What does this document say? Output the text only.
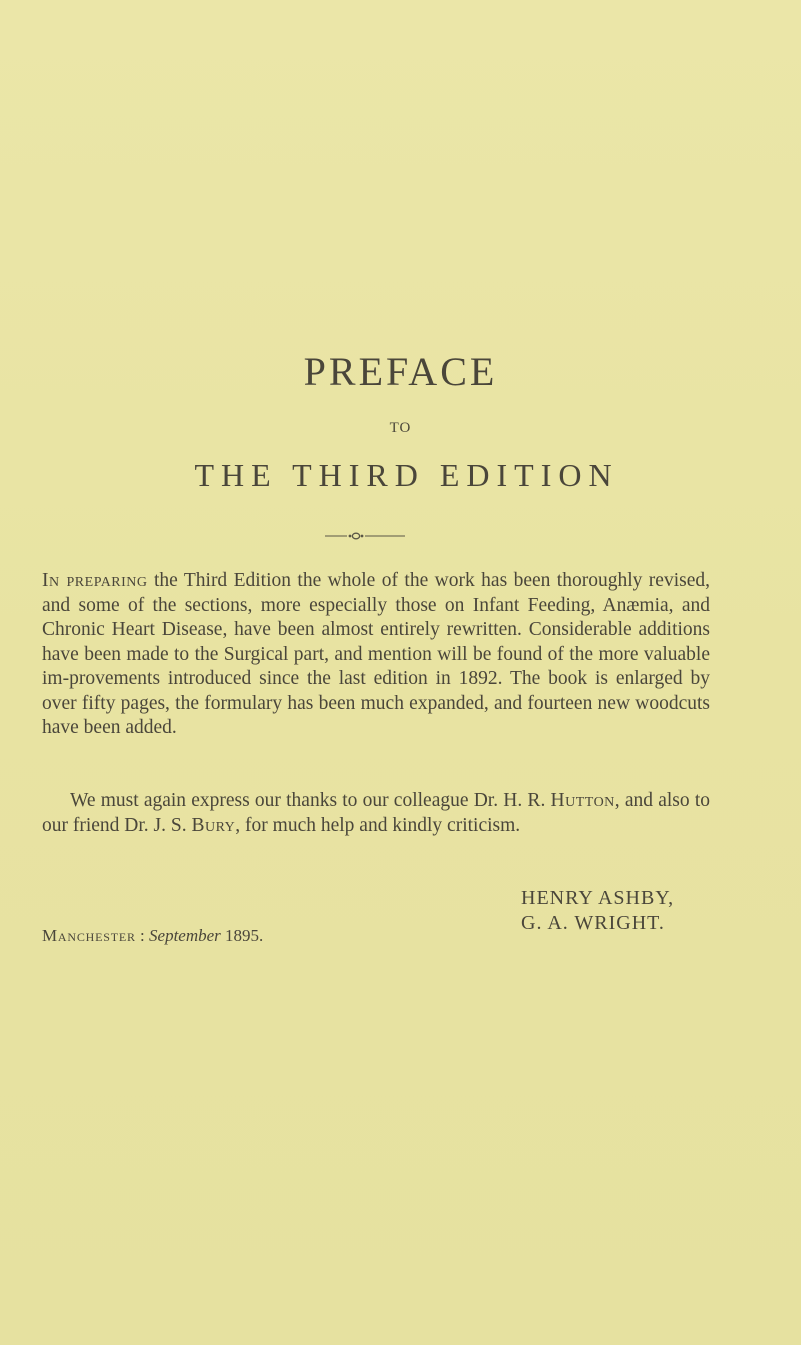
PREFACE
TO
THE THIRD EDITION

In preparing the Third Edition the whole of the work has been thoroughly revised, and some of the sections, more especially those on Infant Feeding, Anæmia, and Chronic Heart Disease, have been almost entirely rewritten. Considerable additions have been made to the Surgical part, and mention will be found of the more valuable im-provements introduced since the last edition in 1892. The book is enlarged by over fifty pages, the formulary has been much expanded, and fourteen new woodcuts have been added.

We must again express our thanks to our colleague Dr. H. R. Hutton, and also to our friend Dr. J. S. Bury, for much help and kindly criticism.

HENRY ASHBY,
G. A. WRIGHT.
Manchester : September 1895.
